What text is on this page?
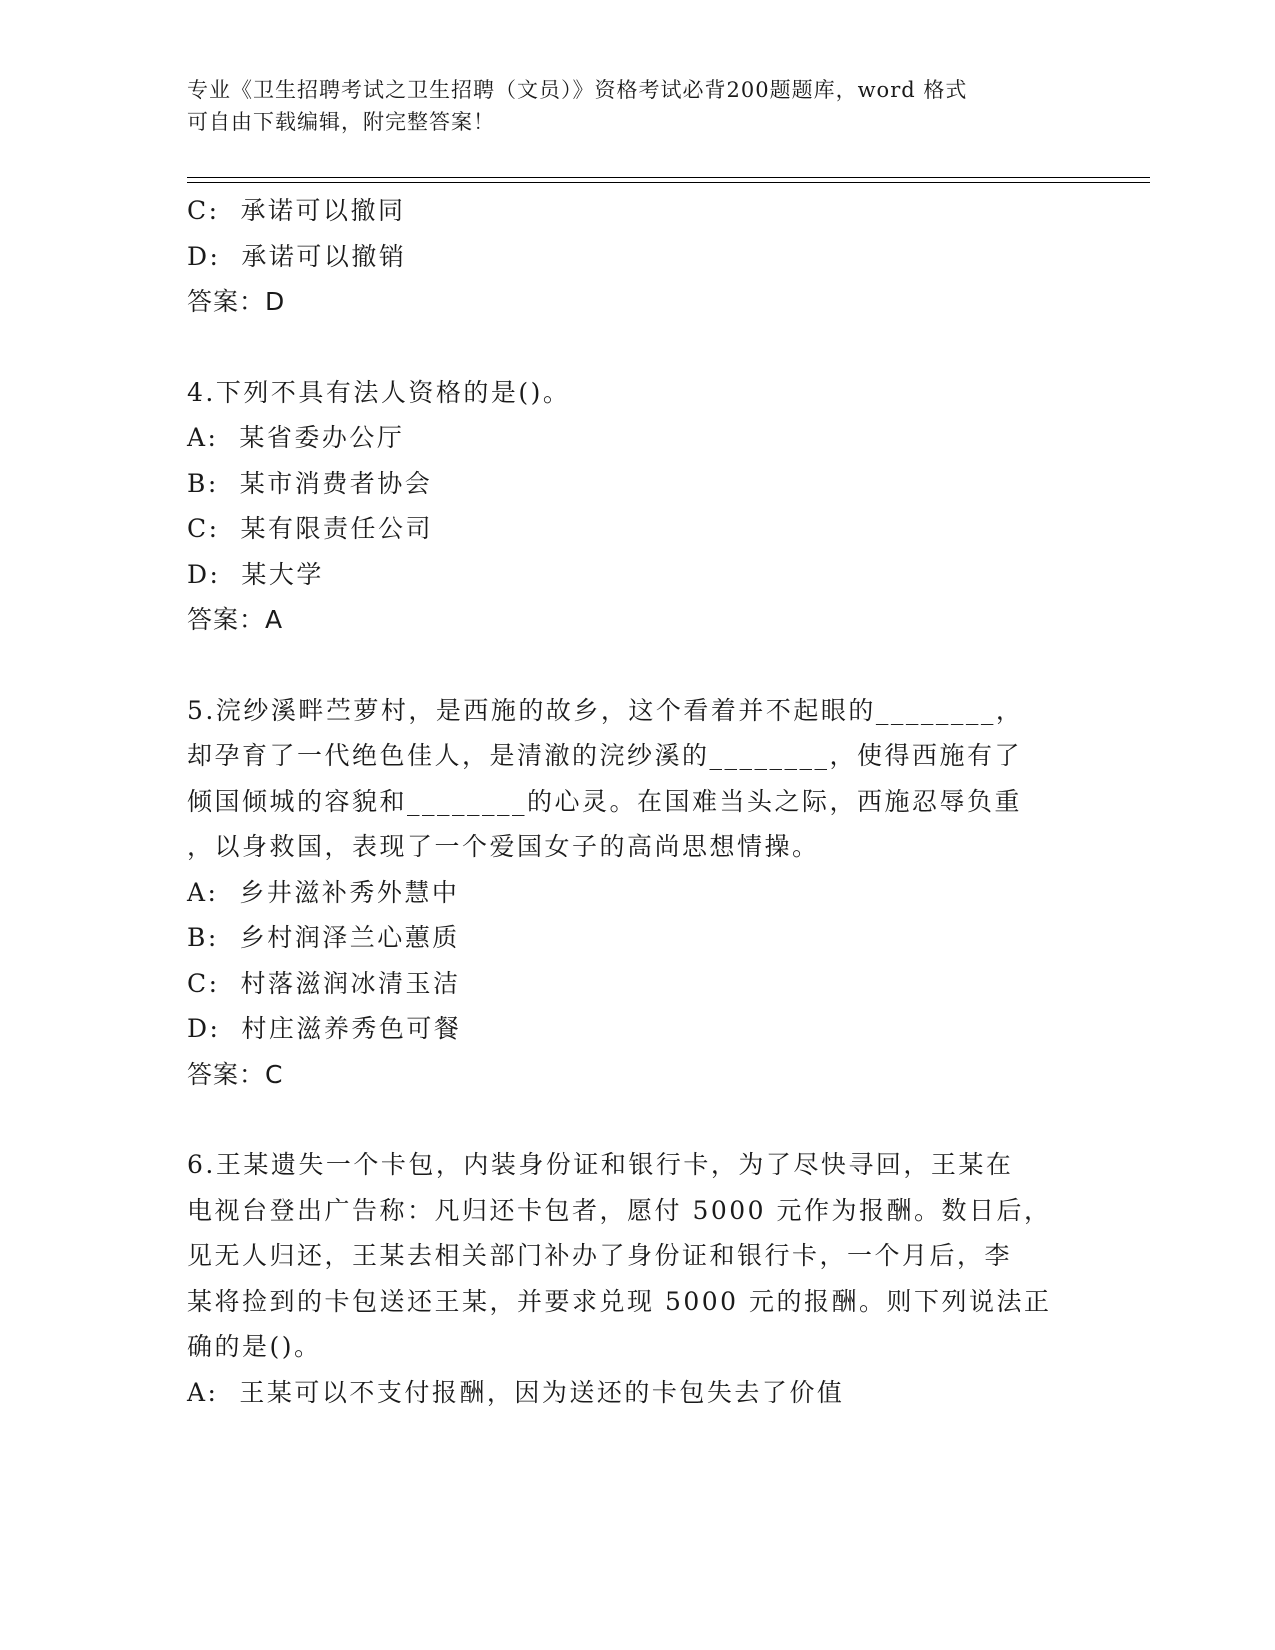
专业《卫生招聘考试之卫生招聘（文员）》资格考试必背200题题库，word 格式
可自由下载编辑，附完整答案！
C:  承诺可以撤同
D:  承诺可以撤销
答案：D
4.下列不具有法人资格的是()。
A:  某省委办公厅
B:  某市消费者协会
C:  某有限责任公司
D:  某大学
答案：A
5.浣纱溪畔苎萝村，是西施的故乡，这个看着并不起眼的________，
却孕育了一代绝色佳人，是清澈的浣纱溪的________，使得西施有了
倾国倾城的容貌和________的心灵。在国难当头之际，西施忍辱负重
，以身救国，表现了一个爱国女子的高尚思想情操。
A:  乡井滋补秀外慧中
B:  乡村润泽兰心蕙质
C:  村落滋润冰清玉洁
D:  村庄滋养秀色可餐
答案：C
6.王某遗失一个卡包，内装身份证和银行卡，为了尽快寻回，王某在
电视台登出广告称：凡归还卡包者，愿付 5000 元作为报酬。数日后，
见无人归还，王某去相关部门补办了身份证和银行卡，一个月后，李
某将捡到的卡包送还王某，并要求兑现 5000 元的报酬。则下列说法正
确的是()。
A:  王某可以不支付报酬，因为送还的卡包失去了价值
